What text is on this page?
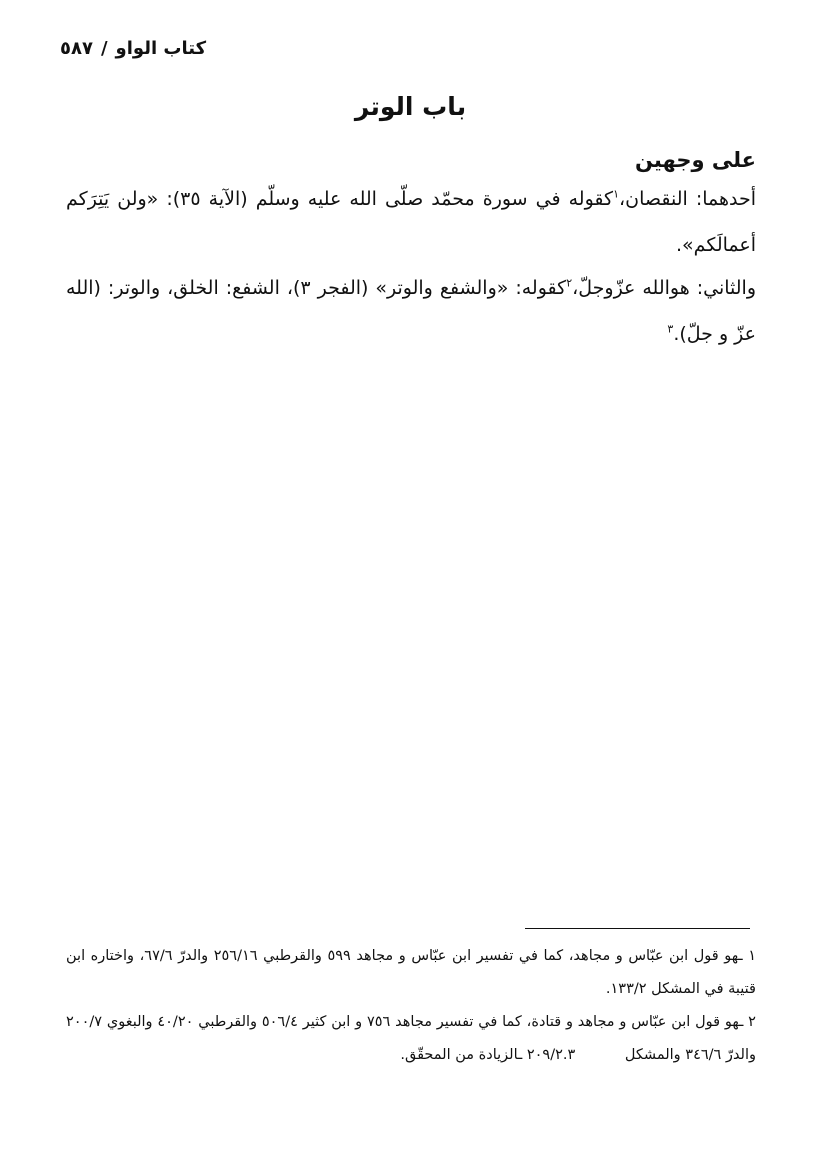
كتاب الواو/٥٨٧
باب الوتر
على وجهين
أحدهما: النقصان،$^١$كقوله في سورة محمّد صلّى الله عليه وسلّم (الآية ٣٥): «ولن يَتِرَكم أعمالَكم».
والثاني: هوالله عزّوجلّ،$^٢$كقوله: «والشفع والوتر» (الفجر ٣)، الشفع: الخلق، والوتر: (الله عزّ و جلّ).$^٣$
١ ـهو قول ابن عبّاس و مجاهد، كما في تفسير ابن عبّاس و مجاهد ٥٩٩ والقرطبي ٢٥٦/١٦ والدرّ ٦٧/٦، واختاره ابن قتيبة في المشكل ١٣٣/٢.
٢ ـهو قول ابن عبّاس و مجاهد و قتادة، كما في تفسير مجاهد ٧٥٦ و ابن كثير ٥٠٦/٤ والقرطبي ٤٠/٢٠ والبغوي ٢٠٠/٧ والدرّ ٣٤٦/٦ والمشكل ٢٠٩/٢.٣ ـالزيادة من المحقّق.
